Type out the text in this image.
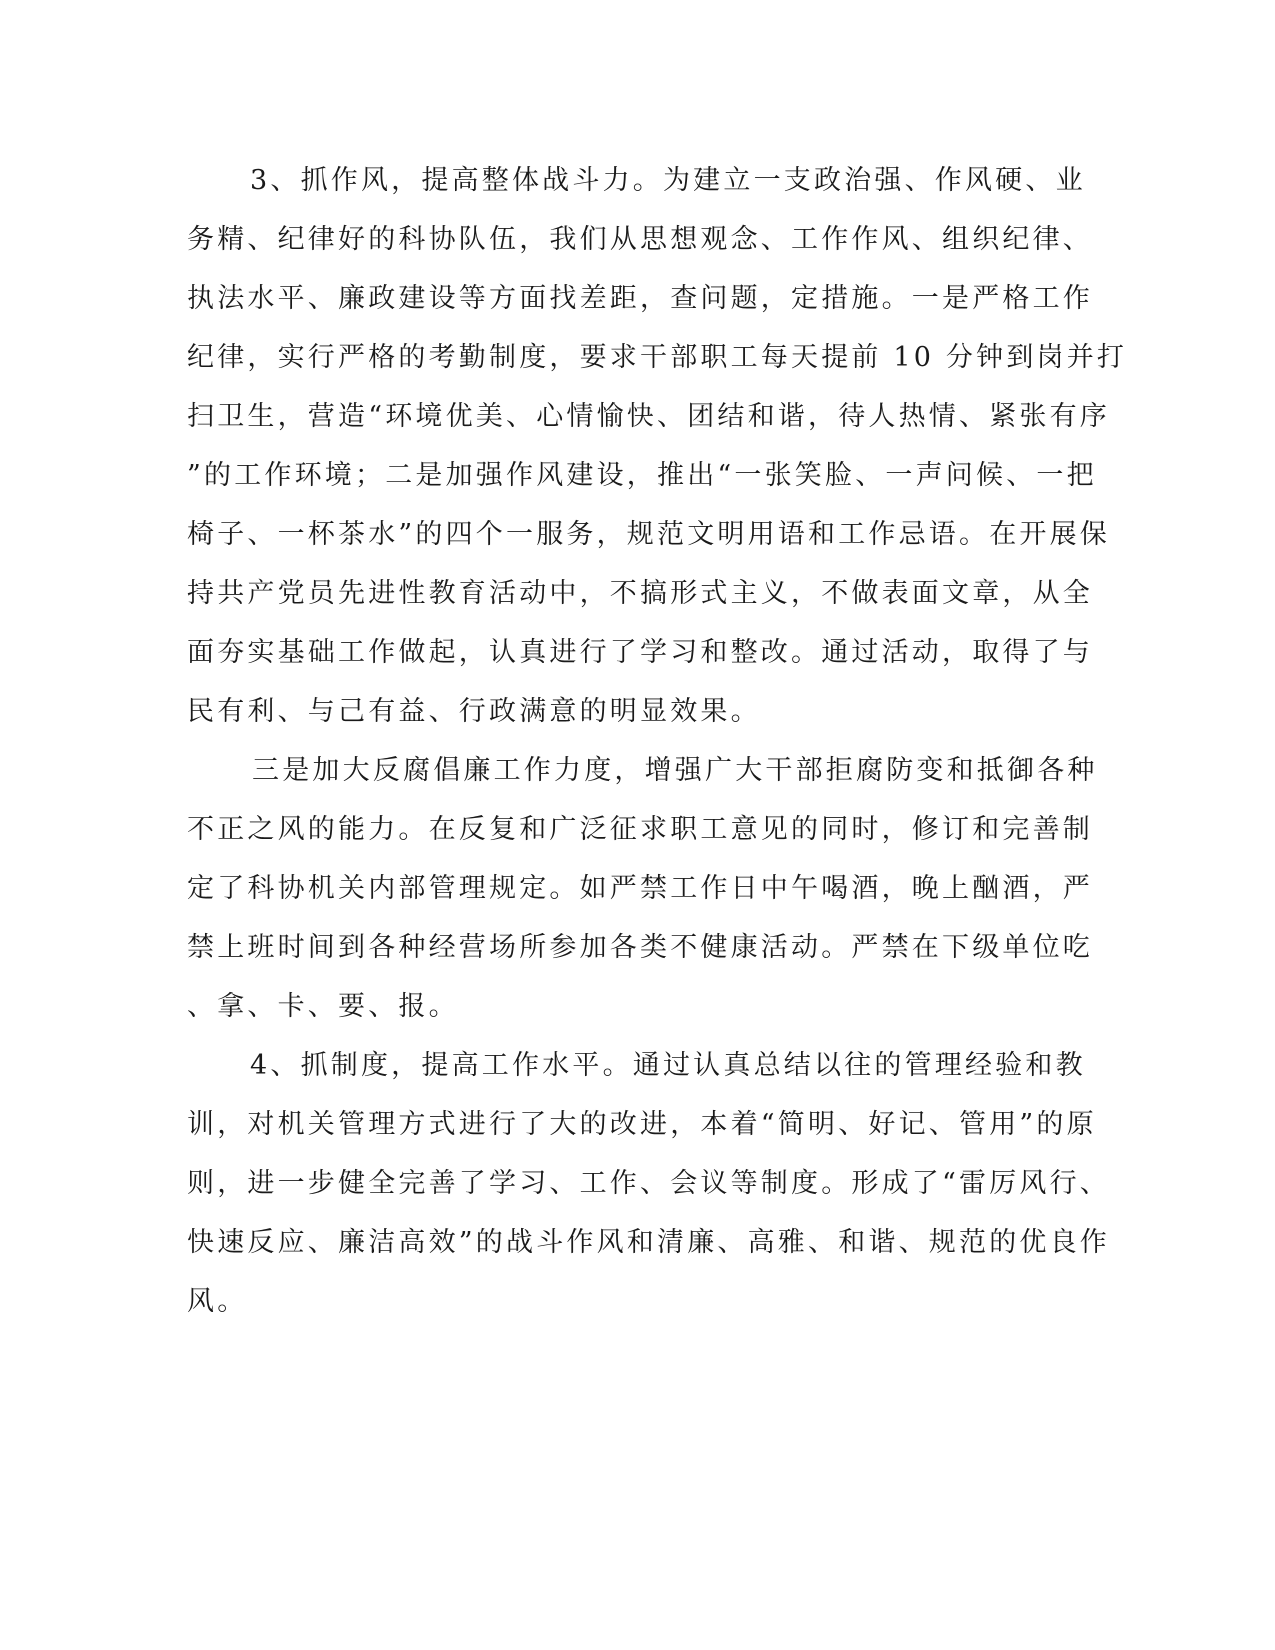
3、抓作风，提高整体战斗力。为建立一支政治强、作风硬、业

务精、纪律好的科协队伍，我们从思想观念、工作作风、组织纪律、

执法水平、廉政建设等方面找差距，查问题，定措施。一是严格工作

纪律，实行严格的考勤制度，要求干部职工每天提前 10 分钟到岗并打

扫卫生，营造“环境优美、心情愉快、团结和谐，待人热情、紧张有序

”的工作环境；二是加强作风建设，推出“一张笑脸、一声问候、一把

椅子、一杯茶水”的四个一服务，规范文明用语和工作忌语。在开展保

持共产党员先进性教育活动中，不搞形式主义，不做表面文章，从全

面夯实基础工作做起，认真进行了学习和整改。通过活动，取得了与

民有利、与己有益、行政满意的明显效果。

三是加大反腐倡廉工作力度，增强广大干部拒腐防变和抵御各种

不正之风的能力。在反复和广泛征求职工意见的同时，修订和完善制

定了科协机关内部管理规定。如严禁工作日中午喝酒，晚上酗酒，严

禁上班时间到各种经营场所参加各类不健康活动。严禁在下级单位吃

、拿、卡、要、报。

4、抓制度，提高工作水平。通过认真总结以往的管理经验和教

训，对机关管理方式进行了大的改进，本着“简明、好记、管用”的原

则，进一步健全完善了学习、工作、会议等制度。形成了“雷厉风行、

快速反应、廉洁高效”的战斗作风和清廉、高雅、和谐、规范的优良作

风。
